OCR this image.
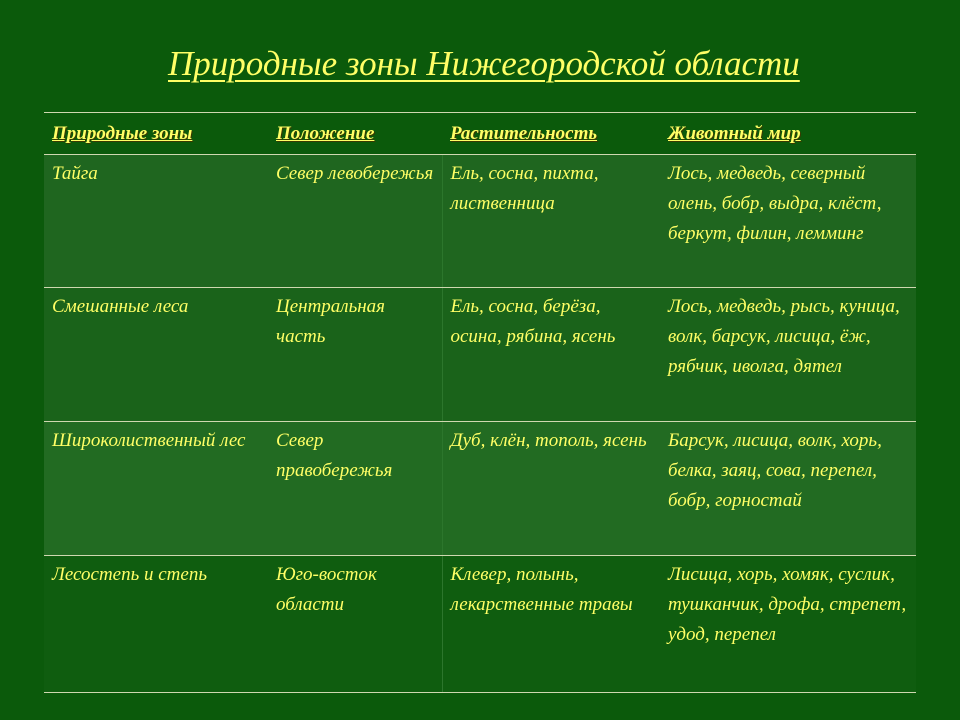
Природные зоны Нижегородской области
Природные зоны	Положение	Растительность	Животный мир
Тайга	Север левобережья	Ель, сосна, пихта, лиственница	Лось, медведь, северный олень, бобр, выдра, клёст, беркут, филин, лемминг
Смешанные леса	Центральная часть	Ель, сосна, берёза, осина, рябина, ясень	Лось, медведь, рысь, куница, волк, барсук, лисица, ёж, рябчик, иволга, дятел
Широколиственный лес	Север правобережья	Дуб, клён, тополь, ясень	Барсук, лисица, волк, хорь, белка, заяц, сова, перепел, бобр, горностай
Лесостепь и степь	Юго-восток области	Клевер, полынь, лекарственные травы	Лисица, хорь, хомяк, суслик, тушканчик, дрофа, стрепет, удод, перепел
